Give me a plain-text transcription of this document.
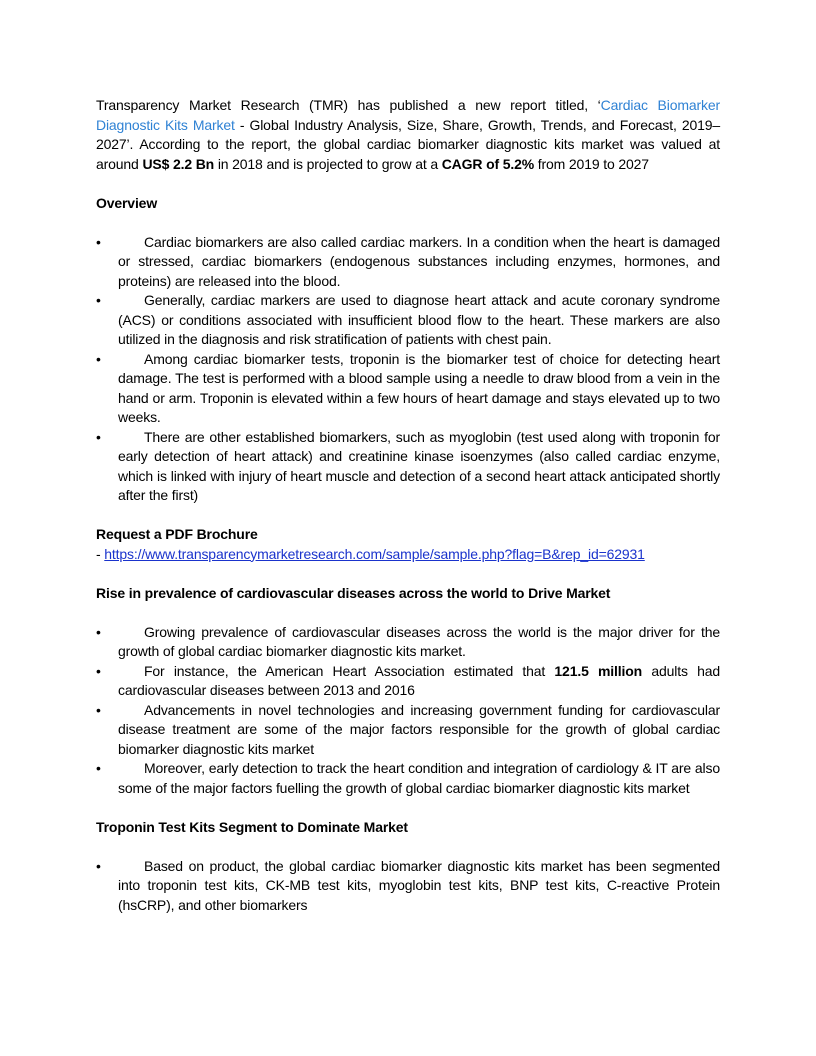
Transparency Market Research (TMR) has published a new report titled, ‘Cardiac Biomarker Diagnostic Kits Market - Global Industry Analysis, Size, Share, Growth, Trends, and Forecast, 2019–2027’. According to the report, the global cardiac biomarker diagnostic kits market was valued at around US$ 2.2 Bn in 2018 and is projected to grow at a CAGR of 5.2% from 2019 to 2027

Overview

•	Cardiac biomarkers are also called cardiac markers. In a condition when the heart is damaged or stressed, cardiac biomarkers (endogenous substances including enzymes, hormones, and proteins) are released into the blood.
•	Generally, cardiac markers are used to diagnose heart attack and acute coronary syndrome (ACS) or conditions associated with insufficient blood flow to the heart. These markers are also utilized in the diagnosis and risk stratification of patients with chest pain.
•	Among cardiac biomarker tests, troponin is the biomarker test of choice for detecting heart damage. The test is performed with a blood sample using a needle to draw blood from a vein in the hand or arm. Troponin is elevated within a few hours of heart damage and stays elevated up to two weeks.
•	There are other established biomarkers, such as myoglobin (test used along with troponin for early detection of heart attack) and creatinine kinase isoenzymes (also called cardiac enzyme, which is linked with injury of heart muscle and detection of a second heart attack anticipated shortly after the first)

Request a PDF Brochure

- https://www.transparencymarketresearch.com/sample/sample.php?flag=B&rep_id=62931

Rise in prevalence of cardiovascular diseases across the world to Drive Market

•	Growing prevalence of cardiovascular diseases across the world is the major driver for the growth of global cardiac biomarker diagnostic kits market.
•	For instance, the American Heart Association estimated that 121.5 million adults had cardiovascular diseases between 2013 and 2016
•	Advancements in novel technologies and increasing government funding for cardiovascular disease treatment are some of the major factors responsible for the growth of global cardiac biomarker diagnostic kits market
•	Moreover, early detection to track the heart condition and integration of cardiology & IT are also some of the major factors fuelling the growth of global cardiac biomarker diagnostic kits market

Troponin Test Kits Segment to Dominate Market

•	Based on product, the global cardiac biomarker diagnostic kits market has been segmented into troponin test kits, CK-MB test kits, myoglobin test kits, BNP test kits, C-reactive Protein (hsCRP), and other biomarkers
